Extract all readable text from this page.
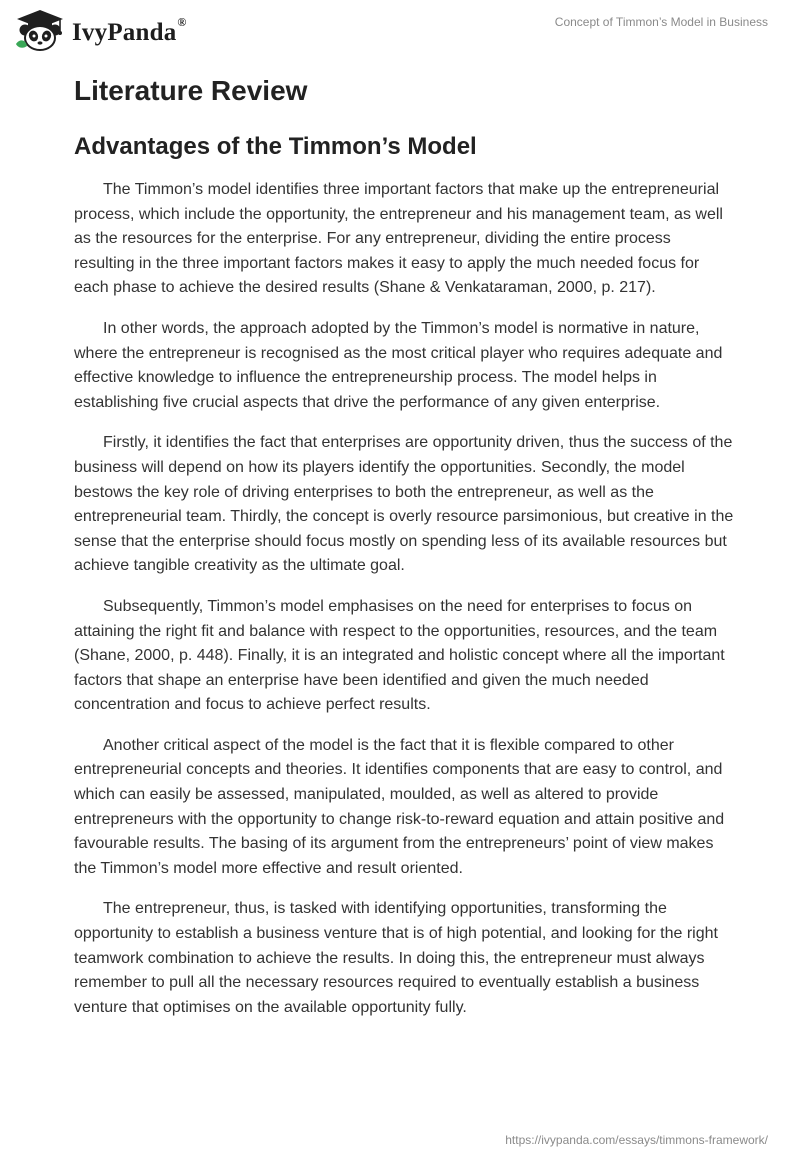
IvyPanda®	Concept of Timmon’s Model in Business
Literature Review
Advantages of the Timmon’s Model

The Timmon’s model identifies three important factors that make up the entrepreneurial process, which include the opportunity, the entrepreneur and his management team, as well as the resources for the enterprise. For any entrepreneur, dividing the entire process resulting in the three important factors makes it easy to apply the much needed focus for each phase to achieve the desired results (Shane & Venkataraman, 2000, p. 217).

In other words, the approach adopted by the Timmon’s model is normative in nature, where the entrepreneur is recognised as the most critical player who requires adequate and effective knowledge to influence the entrepreneurship process. The model helps in establishing five crucial aspects that drive the performance of any given enterprise.

Firstly, it identifies the fact that enterprises are opportunity driven, thus the success of the business will depend on how its players identify the opportunities. Secondly, the model bestows the key role of driving enterprises to both the entrepreneur, as well as the entrepreneurial team. Thirdly, the concept is overly resource parsimonious, but creative in the sense that the enterprise should focus mostly on spending less of its available resources but achieve tangible creativity as the ultimate goal.

Subsequently, Timmon’s model emphasises on the need for enterprises to focus on attaining the right fit and balance with respect to the opportunities, resources, and the team (Shane, 2000, p. 448). Finally, it is an integrated and holistic concept where all the important factors that shape an enterprise have been identified and given the much needed concentration and focus to achieve perfect results.

Another critical aspect of the model is the fact that it is flexible compared to other entrepreneurial concepts and theories. It identifies components that are easy to control, and which can easily be assessed, manipulated, moulded, as well as altered to provide entrepreneurs with the opportunity to change risk-to-reward equation and attain positive and favourable results. The basing of its argument from the entrepreneurs’ point of view makes the Timmon’s model more effective and result oriented.

The entrepreneur, thus, is tasked with identifying opportunities, transforming the opportunity to establish a business venture that is of high potential, and looking for the right teamwork combination to achieve the results. In doing this, the entrepreneur must always remember to pull all the necessary resources required to eventually establish a business venture that optimises on the available opportunity fully.

https://ivypanda.com/essays/timmons-framework/
